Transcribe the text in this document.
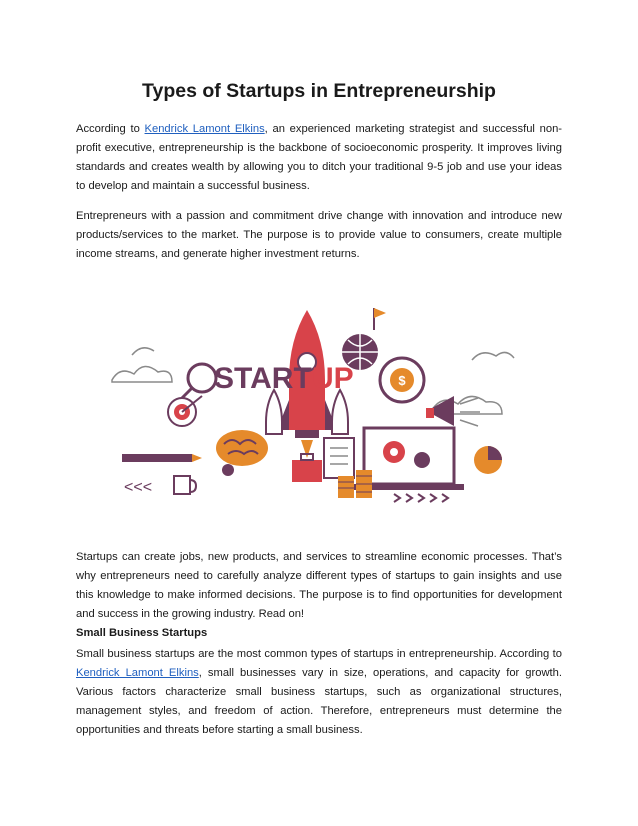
Types of Startups in Entrepreneurship

According to Kendrick Lamont Elkins, an experienced marketing strategist and successful non-profit executive, entrepreneurship is the backbone of socioeconomic prosperity. It improves living standards and creates wealth by allowing you to ditch your traditional 9-5 job and use your ideas to develop and maintain a successful business.

Entrepreneurs with a passion and commitment drive change with innovation and introduce new products/services to the market. The purpose is to provide value to consumers, create multiple income streams, and generate higher investment returns.

START UP	$
<<<

Startups can create jobs, new products, and services to streamline economic processes. That’s why entrepreneurs need to carefully analyze different types of startups to gain insights and use this knowledge to make informed decisions. The purpose is to find opportunities for development and success in the growing industry. Read on!

Small Business Startups

Small business startups are the most common types of startups in entrepreneurship. According to Kendrick Lamont Elkins, small businesses vary in size, operations, and capacity for growth. Various factors characterize small business startups, such as organizational structures, management styles, and freedom of action. Therefore, entrepreneurs must determine the opportunities and threats before starting a small business.
